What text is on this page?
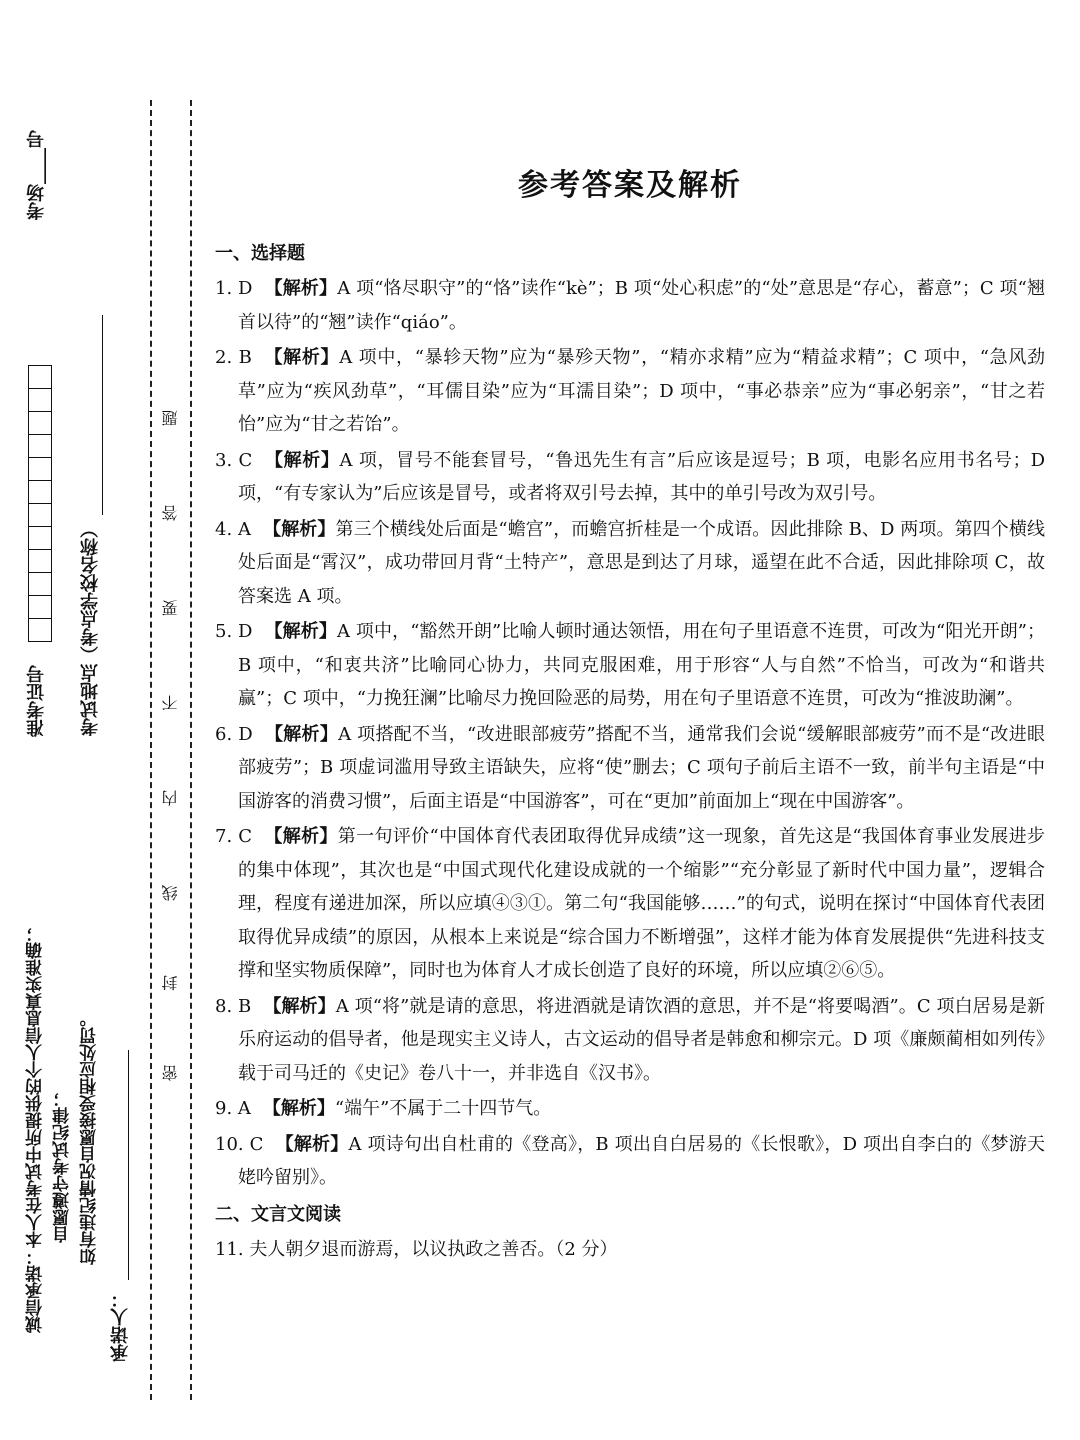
考场____号
准考证号 考试地点（考点学校名称）
诚信承诺：本人在考试中所提供的个人信息真实准确； 自愿遵守考试纪律； 如有违纪情况自愿接受相应处罚。
承诺人：
题
答
要
不
内
线
封
密
参考答案及解析
一、选择题

1. D 【解析】A 项“恪尽职守”的“恪”读作“kè”；B 项“处心积虑”的“处”意思是“存心，蓄意”；C 项“翘首以待”的“翘”读作“qiáo”。

2. B 【解析】A 项中，“暴轸天物”应为“暴殄天物”，“精亦求精”应为“精益求精”；C 项中，“急风劲草”应为“疾风劲草”，“耳儒目染”应为“耳濡目染”；D 项中，“事必恭亲”应为“事必躬亲”，“甘之若怡”应为“甘之若饴”。

3. C 【解析】A 项，冒号不能套冒号，“鲁迅先生有言”后应该是逗号；B 项，电影名应用书名号；D 项，“有专家认为”后应该是冒号，或者将双引号去掉，其中的单引号改为双引号。

4. A 【解析】第三个横线处后面是“蟾宫”，而蟾宫折桂是一个成语。因此排除 B、D 两项。第四个横线处后面是“霄汉”，成功带回月背“土特产”，意思是到达了月球，遥望在此不合适，因此排除项 C，故答案选 A 项。

5. D 【解析】A 项中，“豁然开朗”比喻人顿时通达领悟，用在句子里语意不连贯，可改为“阳光开朗”；B 项中，“和衷共济”比喻同心协力，共同克服困难，用于形容“人与自然”不恰当，可改为“和谐共赢”；C 项中，“力挽狂澜”比喻尽力挽回险恶的局势，用在句子里语意不连贯，可改为“推波助澜”。

6. D 【解析】A 项搭配不当，“改进眼部疲劳”搭配不当，通常我们会说“缓解眼部疲劳”而不是“改进眼部疲劳”；B 项虚词滥用导致主语缺失，应将“使”删去；C 项句子前后主语不一致，前半句主语是“中国游客的消费习惯”，后面主语是“中国游客”，可在“更加”前面加上“现在中国游客”。

7. C 【解析】第一句评价“中国体育代表团取得优异成绩”这一现象，首先这是“我国体育事业发展进步的集中体现”，其次也是“中国式现代化建设成就的一个缩影”“充分彰显了新时代中国力量”，逻辑合理，程度有递进加深，所以应填④③①。第二句“我国能够……”的句式，说明在探讨“中国体育代表团取得优异成绩”的原因，从根本上来说是“综合国力不断增强”，这样才能为体育发展提供“先进科技支撑和坚实物质保障”，同时也为体育人才成长创造了良好的环境，所以应填②⑥⑤。

8. B 【解析】A 项“将”就是请的意思，将进酒就是请饮酒的意思，并不是“将要喝酒”。C 项白居易是新乐府运动的倡导者，他是现实主义诗人，古文运动的倡导者是韩愈和柳宗元。D 项《廉颇蔺相如列传》载于司马迁的《史记》卷八十一，并非选自《汉书》。

9. A 【解析】“端午”不属于二十四节气。

10. C 【解析】A 项诗句出自杜甫的《登高》，B 项出自白居易的《长恨歌》，D 项出自李白的《梦游天姥吟留别》。

二、文言文阅读
11. 夫人朝夕退而游焉，以议执政之善否。（2 分）
